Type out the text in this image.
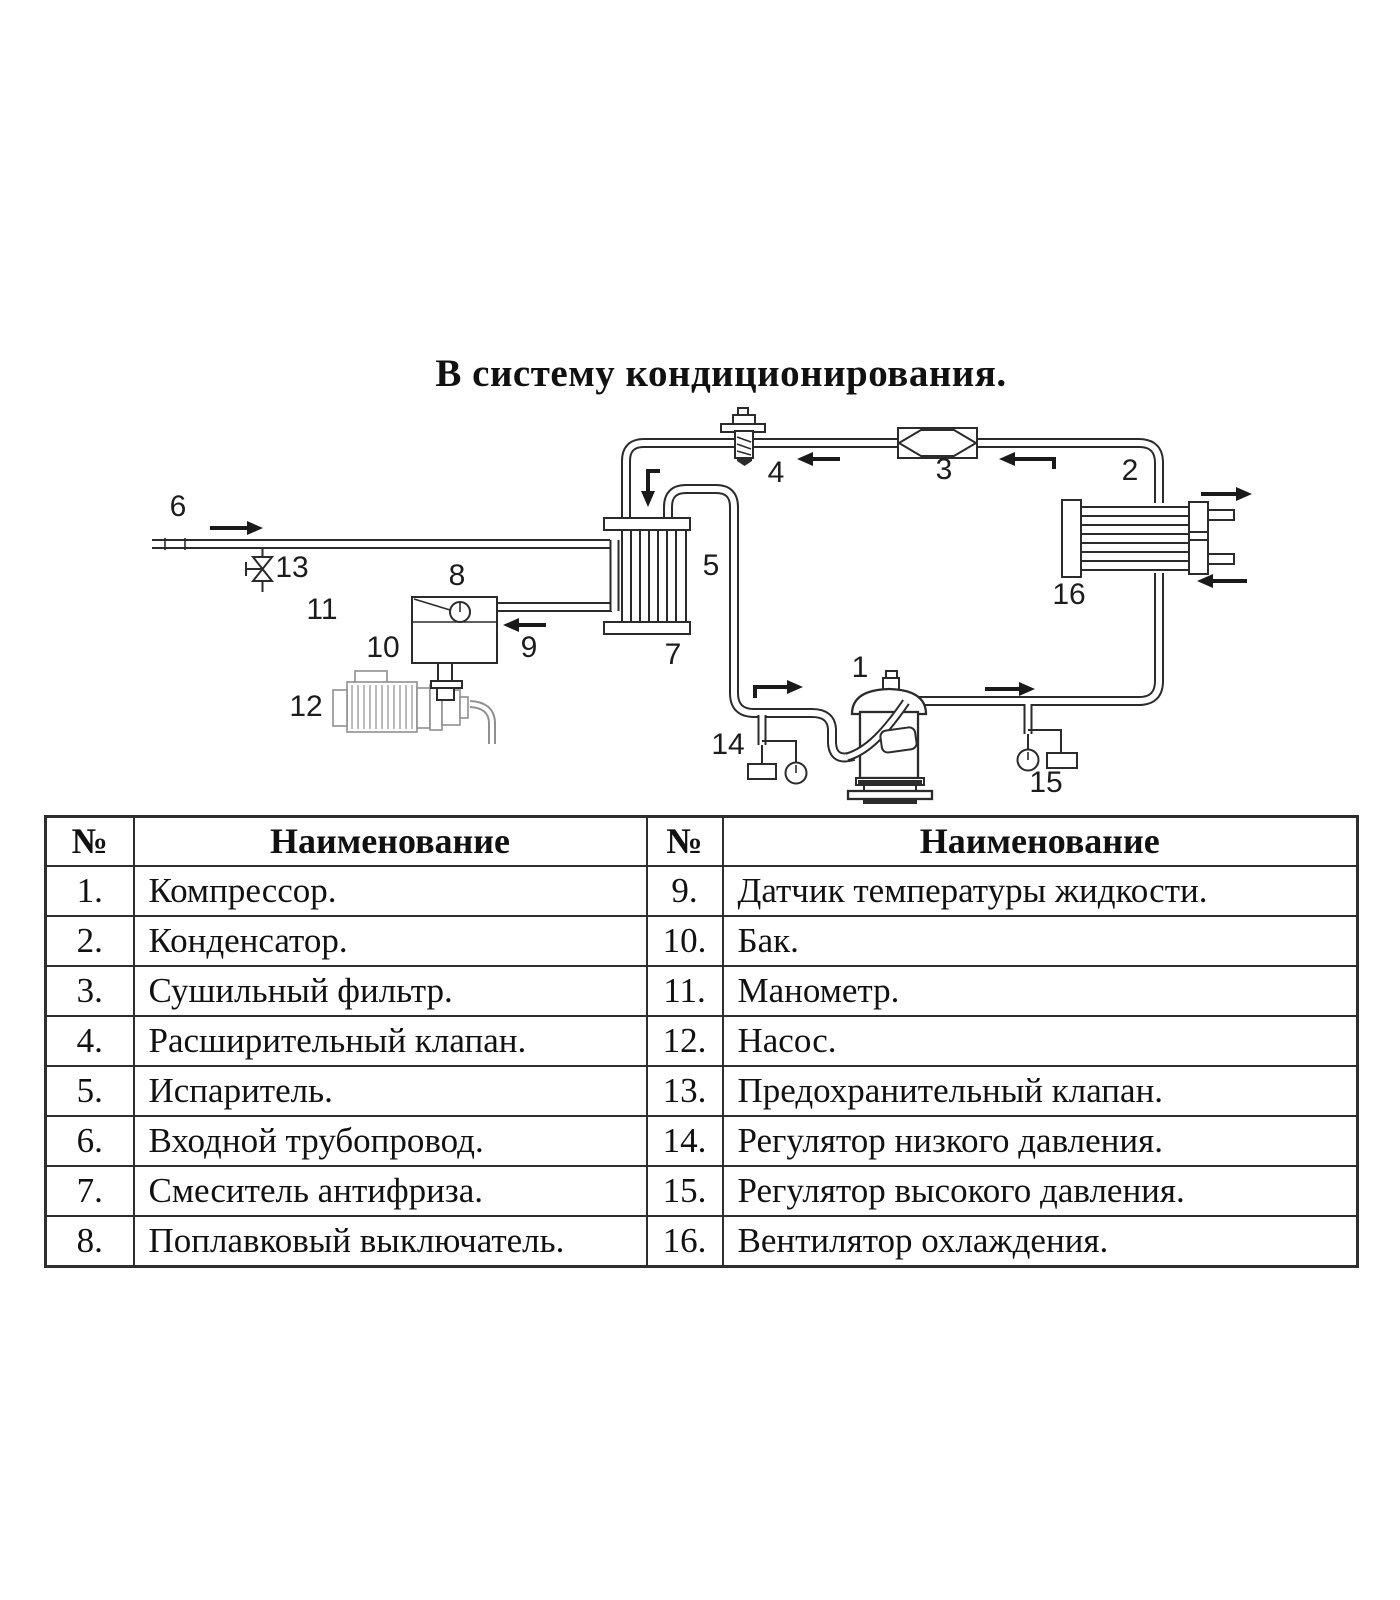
В систему кондиционирования.
1
2
3
4
5
6
7
8
9
10
11
12
13
14
15
16
№	Наименование	№	Наименование
1.	Компрессор.	9.	Датчик температуры жидкости.
2.	Конденсатор.	10.	Бак.
3.	Сушильный фильтр.	11.	Манометр.
4.	Расширительный клапан.	12.	Насос.
5.	Испаритель.	13.	Предохранительный клапан.
6.	Входной трубопровод.	14.	Регулятор низкого давления.
7.	Смеситель антифриза.	15.	Регулятор высокого давления.
8.	Поплавковый выключатель.	16.	Вентилятор охлаждения.
